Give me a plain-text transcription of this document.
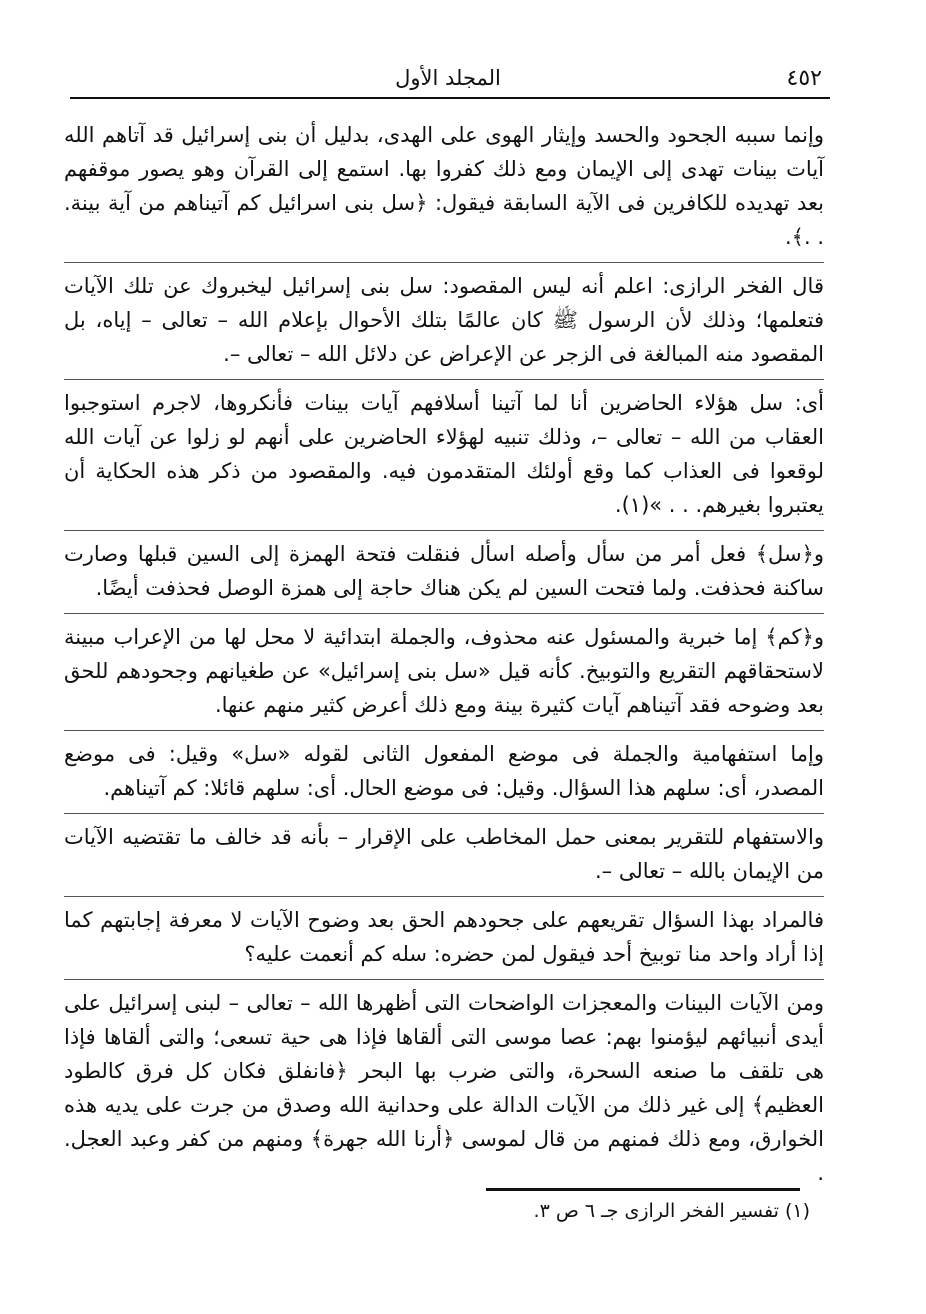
٤٥٢
المجلد الأول

وإنما سببه الجحود والحسد وإيثار الهوى على الهدى، بدليل أن بنى إسرائيل قد آتاهم الله آيات بينات تهدى إلى الإيمان ومع ذلك كفروا بها. استمع إلى القرآن وهو يصور موقفهم بعد تهديده للكافرين فى الآية السابقة فيقول: ﴿سل بنى اسرائيل كم آتيناهم من آية بينة. . .﴾.

قال الفخر الرازى: اعلم أنه ليس المقصود: سل بنى إسرائيل ليخبروك عن تلك الآيات فتعلمها؛ وذلك لأن الرسول ﷺ كان عالمًا بتلك الأحوال بإعلام الله – تعالى – إياه، بل المقصود منه المبالغة فى الزجر عن الإعراض عن دلائل الله – تعالى –.

أى: سل هؤلاء الحاضرين أنا لما آتينا أسلافهم آيات بينات فأنكروها، لاجرم استوجبوا العقاب من الله – تعالى –، وذلك تنبيه لهؤلاء الحاضرين على أنهم لو زلوا عن آيات الله لوقعوا فى العذاب كما وقع أولئك المتقدمون فيه. والمقصود من ذكر هذه الحكاية أن يعتبروا بغيرهم. . . »(١).

و﴿سل﴾ فعل أمر من سأل وأصله اسأل فنقلت فتحة الهمزة إلى السين قبلها وصارت ساكنة فحذفت. ولما فتحت السين لم يكن هناك حاجة إلى همزة الوصل فحذفت أيضًا.

و﴿كم﴾ إما خبرية والمسئول عنه محذوف، والجملة ابتدائية لا محل لها من الإعراب مبينة لاستحقاقهم التقريع والتوبيخ. كأنه قيل «سل بنى إسرائيل» عن طغيانهم وجحودهم للحق بعد وضوحه فقد آتيناهم آيات كثيرة بينة ومع ذلك أعرض كثير منهم عنها.

وإما استفهامية والجملة فى موضع المفعول الثانى لقوله «سل» وقيل: فى موضع المصدر، أى: سلهم هذا السؤال. وقيل: فى موضع الحال. أى: سلهم قائلا: كم آتيناهم.

والاستفهام للتقرير بمعنى حمل المخاطب على الإقرار – بأنه قد خالف ما تقتضيه الآيات من الإيمان بالله – تعالى –.

فالمراد بهذا السؤال تقريعهم على جحودهم الحق بعد وضوح الآيات لا معرفة إجابتهم كما إذا أراد واحد منا توبيخ أحد فيقول لمن حضره: سله كم أنعمت عليه؟

ومن الآيات البينات والمعجزات الواضحات التى أظهرها الله – تعالى – لبنى إسرائيل على أيدى أنبيائهم ليؤمنوا بهم: عصا موسى التى ألقاها فإذا هى حية تسعى؛ والتى ألقاها فإذا هى تلقف ما صنعه السحرة، والتى ضرب بها البحر ﴿فانفلق فكان كل فرق كالطود العظيم﴾ إلى غير ذلك من الآيات الدالة على وحدانية الله وصدق من جرت على يديه هذه الخوارق، ومع ذلك فمنهم من قال لموسى ﴿أرنا الله جهرة﴾ ومنهم من كفر وعبد العجل. .

(١) تفسير الفخر الرازى جـ ٦ ص ٣.
